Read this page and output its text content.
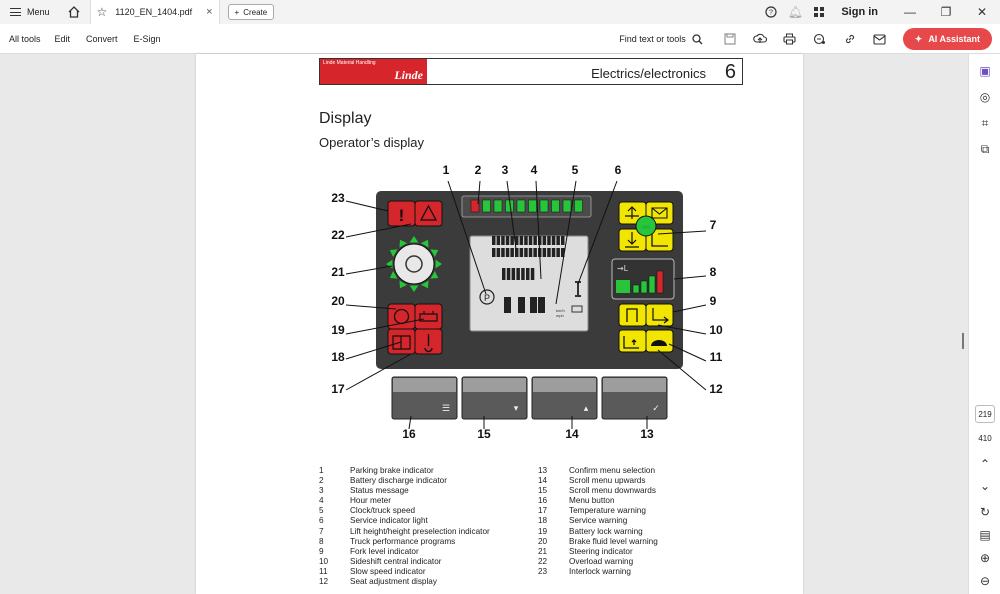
Menu	☆ 1120_EN_1404.pdf	×	+ Create	? 🔔︎	Sign in	—	❐	✕
All tools Edit Convert E-Sign	Find text or tools	✦ AI Assistant
Linde Material Handling
Linde	Electrics/electronics 6
Display
Operator’s display
!
P
km/h
mph
ooo
⇝L
☰	▾	▴	✓
1 2 3 4	5	6
7
8
9
10
11
12
13
14
15
16
17
18
19
20
21
22
23
1	Parking brake indicator
2	Battery discharge indicator
3	Status message
4	Hour meter
5	Clock/truck speed
6	Service indicator light
7	Lift height/height preselection indicator
8	Truck performance programs
9	Fork level indicator
10	Sideshift central indicator
11	Slow speed indicator
12	Seat adjustment display
13	Confirm menu selection
14	Scroll menu upwards
15	Scroll menu downwards
16	Menu button
17	Temperature warning
18	Service warning
19	Battery lock warning
20	Brake fluid level warning
21	Steering indicator
22	Overload warning
23	Interlock warning
▣
◎
⌗
⧉
219
410
⌃
⌄
↻
▤
⊕
⊖
